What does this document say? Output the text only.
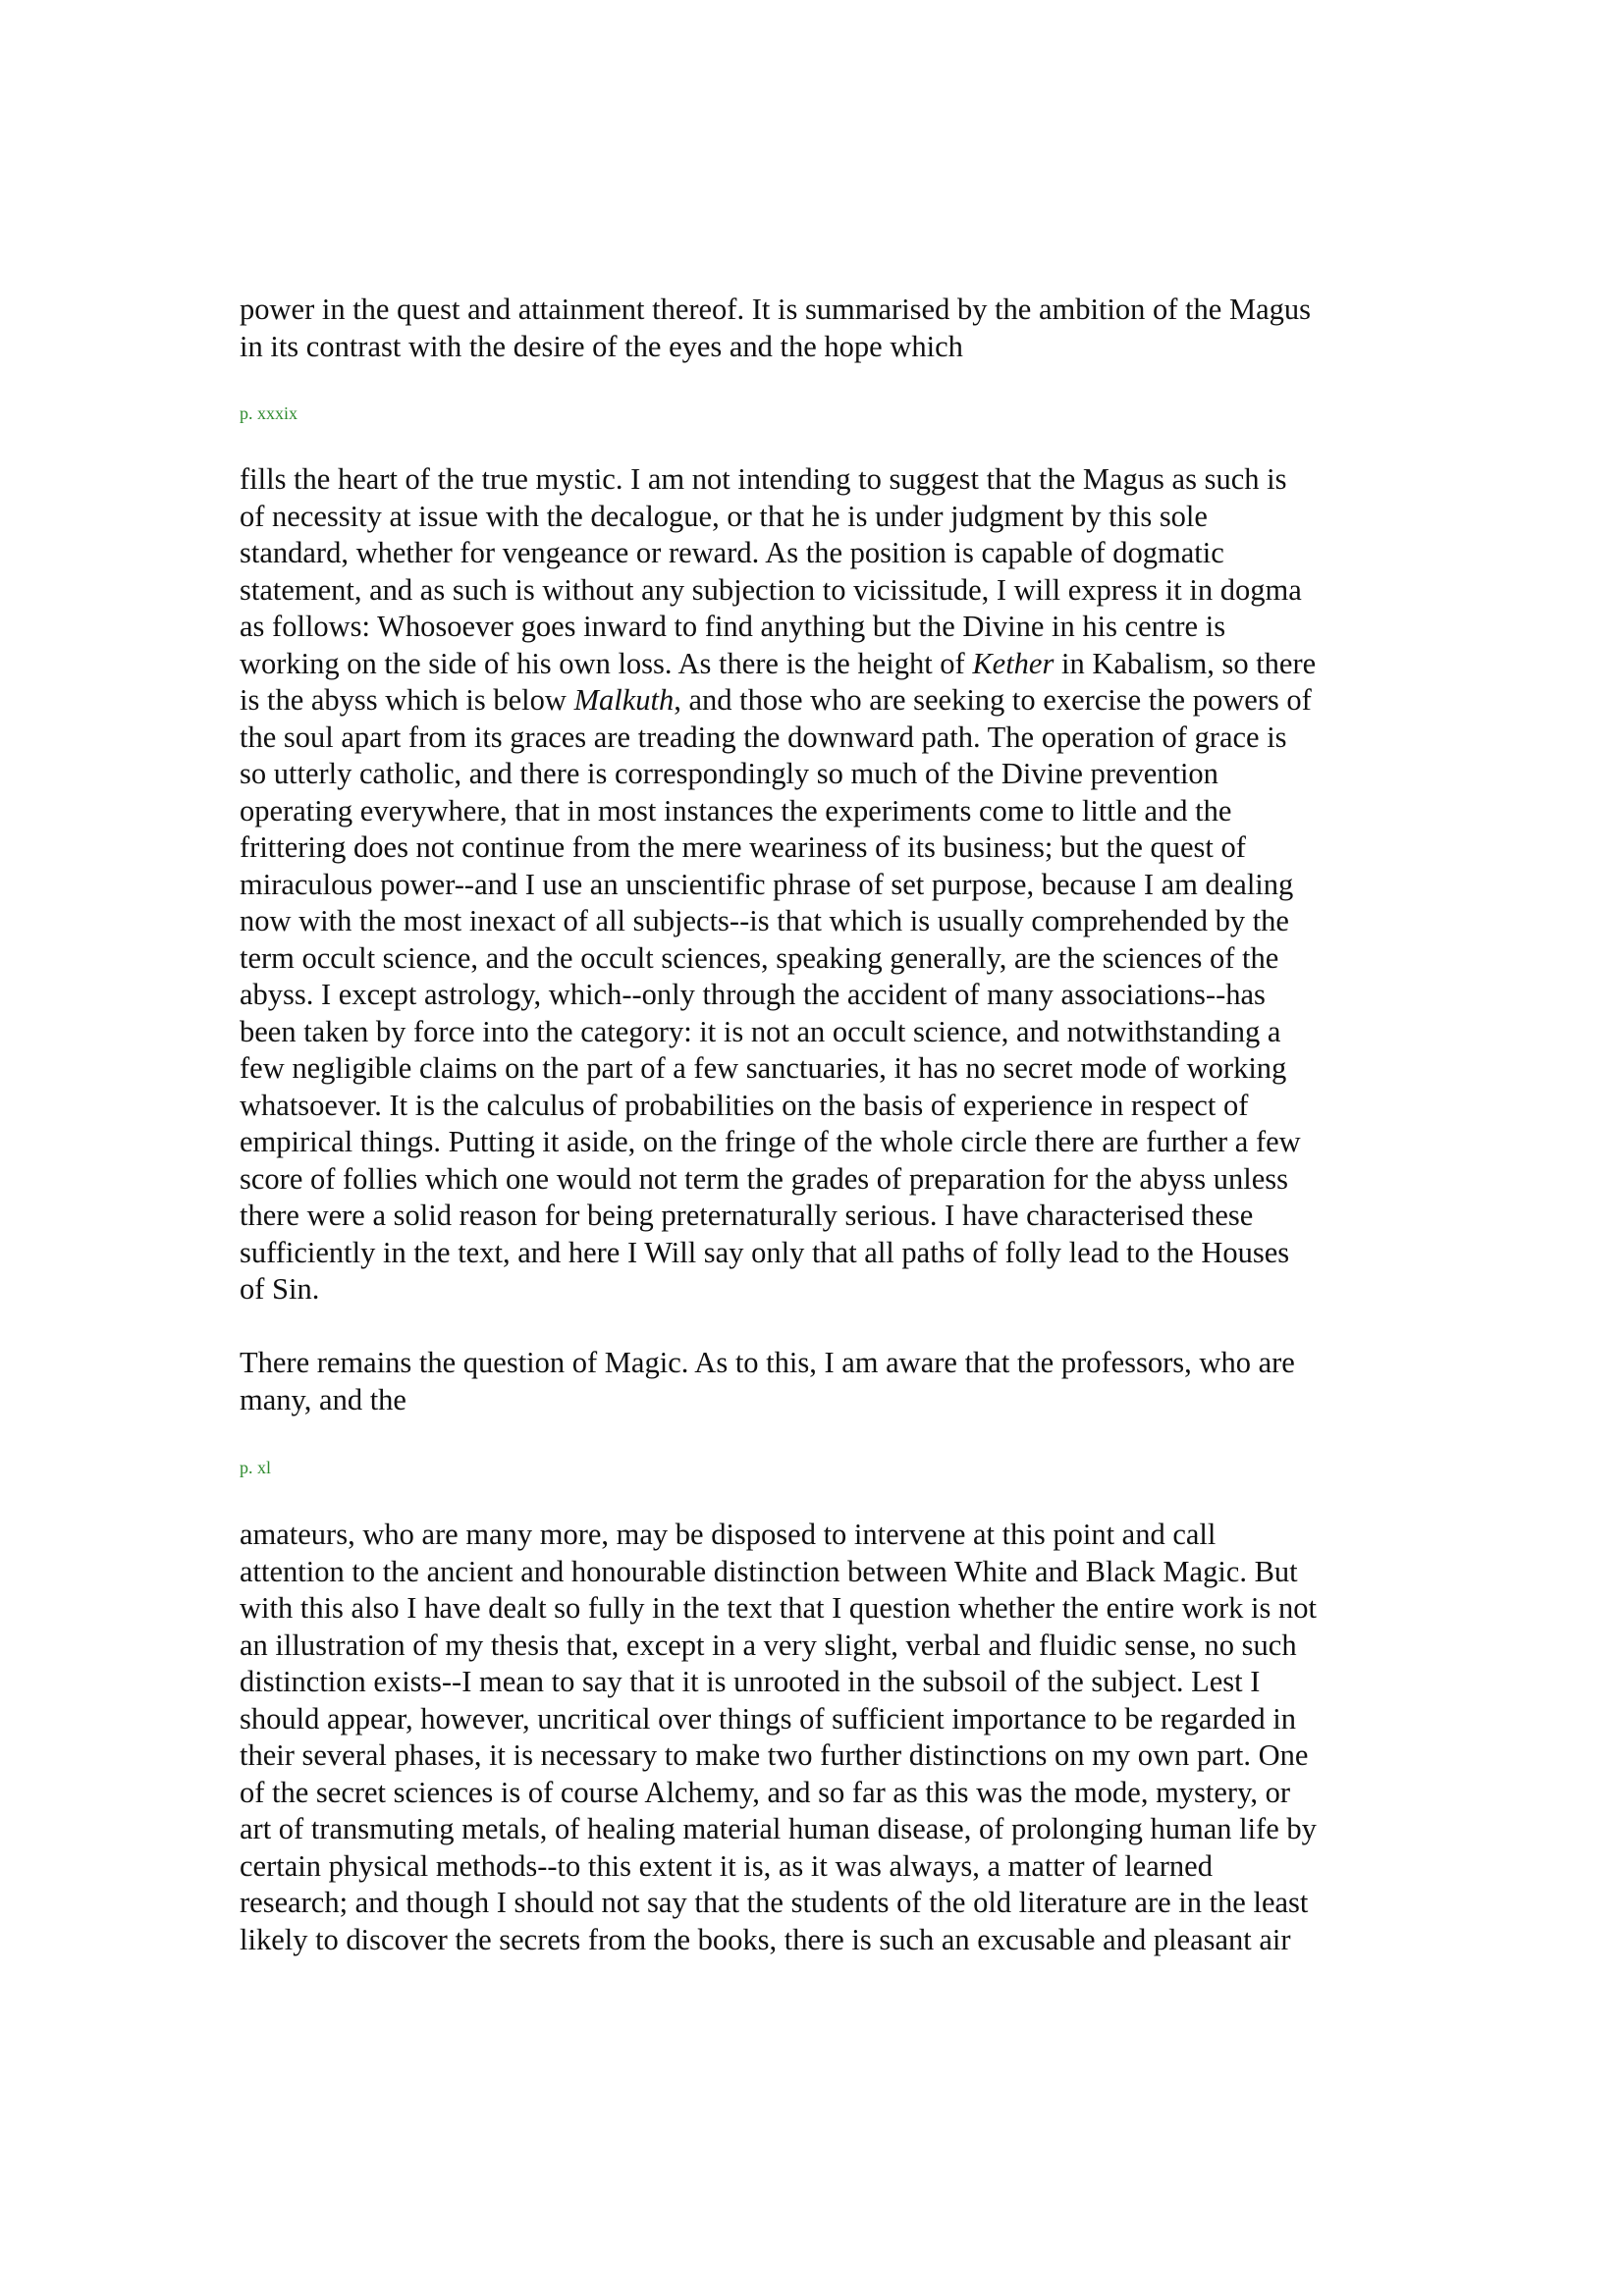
power in the quest and attainment thereof. It is summarised by the ambition of the Magus
in its contrast with the desire of the eyes and the hope which

p. xxxix

fills the heart of the true mystic. I am not intending to suggest that the Magus as such is
of necessity at issue with the decalogue, or that he is under judgment by this sole
standard, whether for vengeance or reward. As the position is capable of dogmatic
statement, and as such is without any subjection to vicissitude, I will express it in dogma
as follows: Whosoever goes inward to find anything but the Divine in his centre is
working on the side of his own loss. As there is the height of Kether in Kabalism, so there
is the abyss which is below Malkuth, and those who are seeking to exercise the powers of
the soul apart from its graces are treading the downward path. The operation of grace is
so utterly catholic, and there is correspondingly so much of the Divine prevention
operating everywhere, that in most instances the experiments come to little and the
frittering does not continue from the mere weariness of its business; but the quest of
miraculous power--and I use an unscientific phrase of set purpose, because I am dealing
now with the most inexact of all subjects--is that which is usually comprehended by the
term occult science, and the occult sciences, speaking generally, are the sciences of the
abyss. I except astrology, which--only through the accident of many associations--has
been taken by force into the category: it is not an occult science, and notwithstanding a
few negligible claims on the part of a few sanctuaries, it has no secret mode of working
whatsoever. It is the calculus of probabilities on the basis of experience in respect of
empirical things. Putting it aside, on the fringe of the whole circle there are further a few
score of follies which one would not term the grades of preparation for the abyss unless
there were a solid reason for being preternaturally serious. I have characterised these
sufficiently in the text, and here I Will say only that all paths of folly lead to the Houses
of Sin.

There remains the question of Magic. As to this, I am aware that the professors, who are
many, and the

p. xl

amateurs, who are many more, may be disposed to intervene at this point and call
attention to the ancient and honourable distinction between White and Black Magic. But
with this also I have dealt so fully in the text that I question whether the entire work is not
an illustration of my thesis that, except in a very slight, verbal and fluidic sense, no such
distinction exists--I mean to say that it is unrooted in the subsoil of the subject. Lest I
should appear, however, uncritical over things of sufficient importance to be regarded in
their several phases, it is necessary to make two further distinctions on my own part. One
of the secret sciences is of course Alchemy, and so far as this was the mode, mystery, or
art of transmuting metals, of healing material human disease, of prolonging human life by
certain physical methods--to this extent it is, as it was always, a matter of learned
research; and though I should not say that the students of the old literature are in the least
likely to discover the secrets from the books, there is such an excusable and pleasant air
